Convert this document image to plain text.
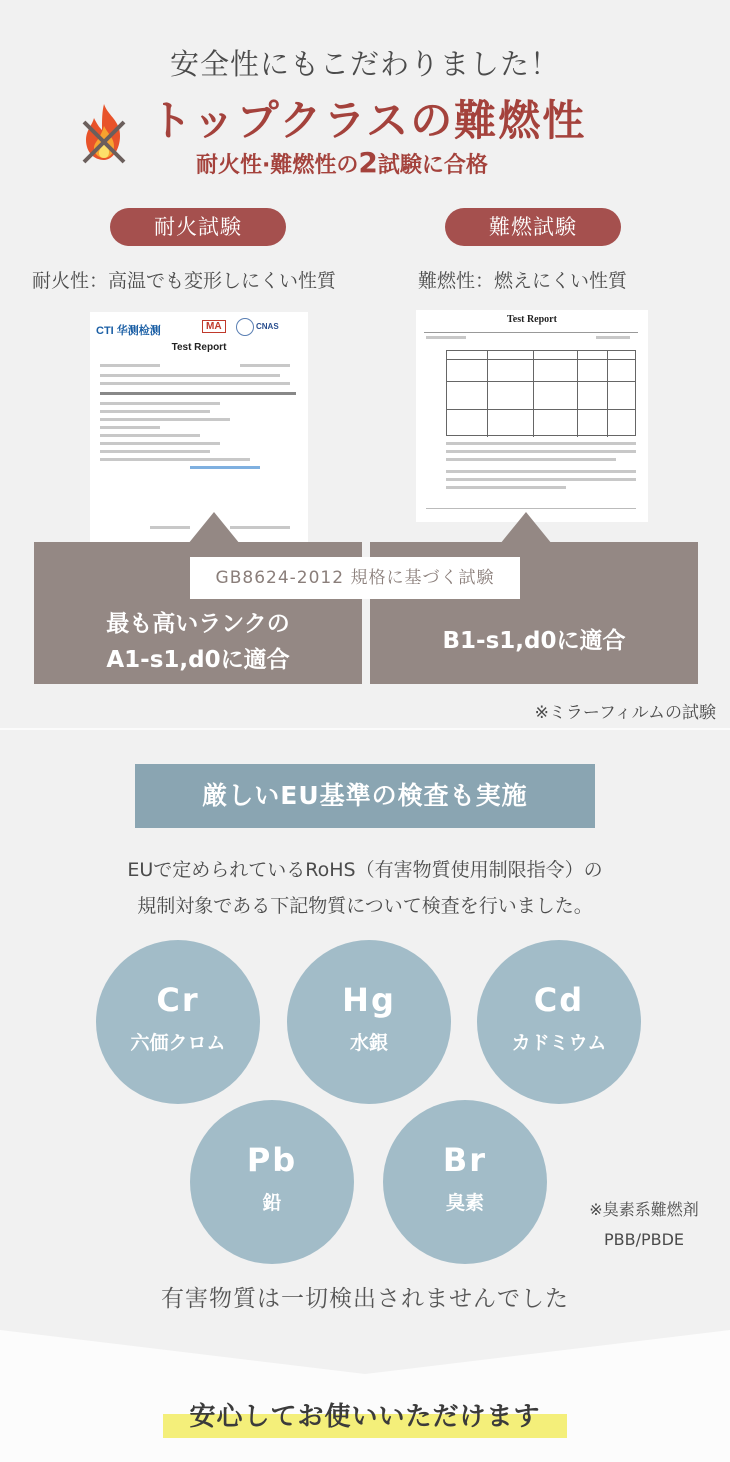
安全性にもこだわりました！
トップクラスの難燃性
耐火性·難燃性の2試験に合格
耐火試験	難燃試験
耐火性：高温でも変形しにくい性質	難燃性：燃えにくい性質
CTI 华测检测	MA	CNAS
Test Report
Test Report
GB8624-2012 規格に基づく試験
最も高いランクの
A1-s1,d0に適合
B1-s1,d0に適合
※ミラーフィルムの試験
厳しいEU基準の検査も実施
EUで定められているRoHS（有害物質使用制限指令）の
規制対象である下記物質について検査を行いました。
Cr
六価クロム
Hg
水銀
Cd
カドミウム
Pb
鉛
Br
臭素	※臭素系難燃剤
PBB/PBDE
有害物質は一切検出されませんでした
安心してお使いいただけます
